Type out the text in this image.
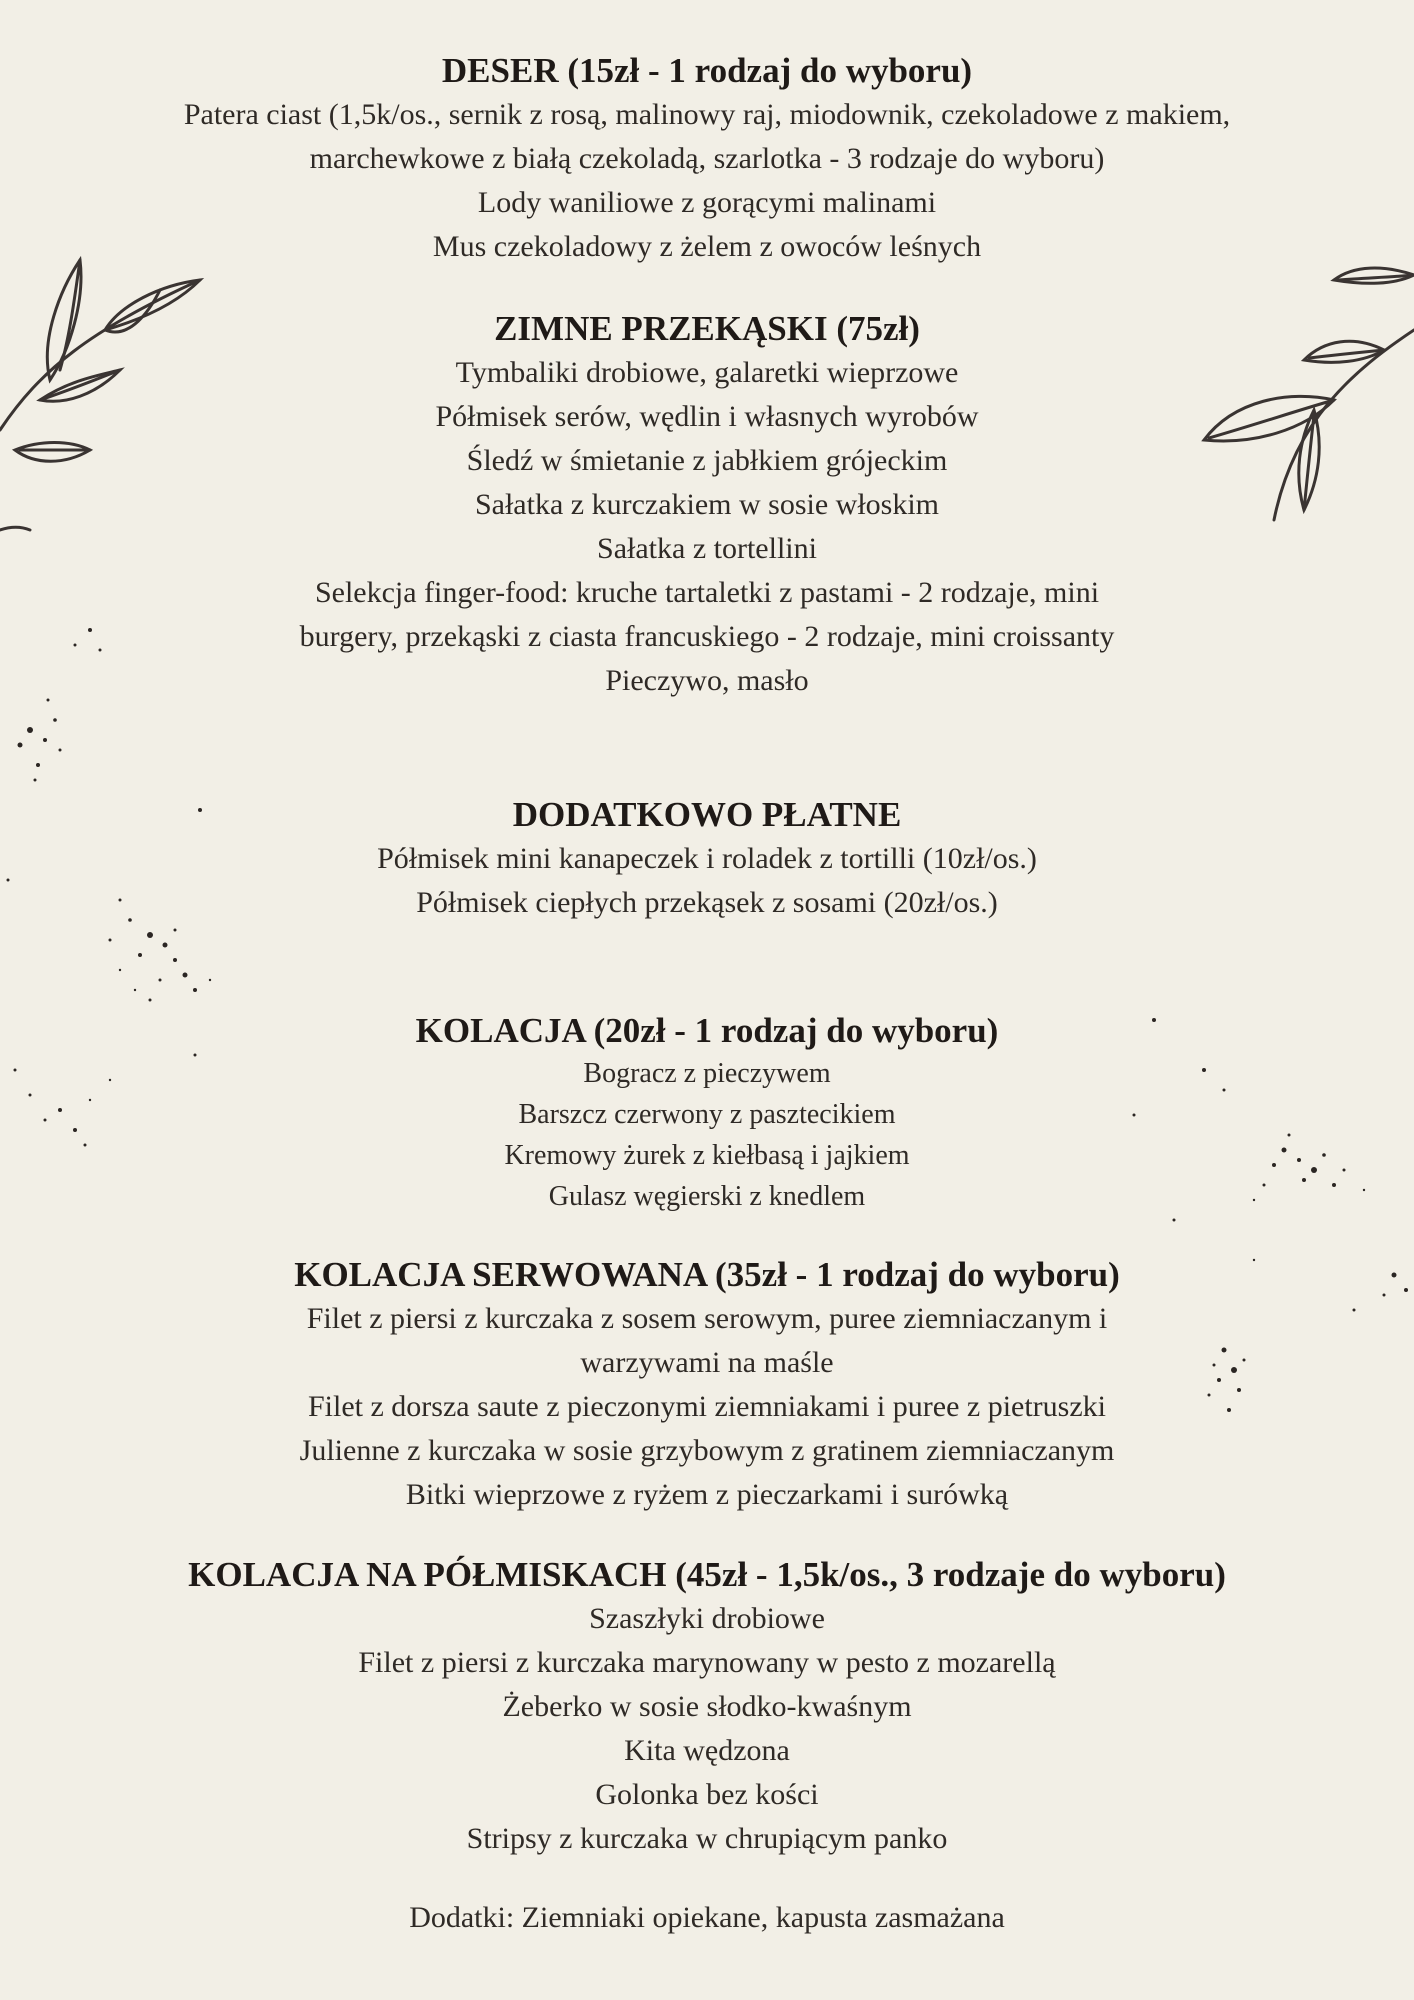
DESER (15zł - 1 rodzaj do wyboru)

Patera ciast (1,5k/os., sernik z rosą, malinowy raj, miodownik, czekoladowe z makiem,

marchewkowe z białą czekoladą, szarlotka - 3 rodzaje do wyboru)

Lody waniliowe z gorącymi malinami

Mus czekoladowy z żelem z owoców leśnych

ZIMNE PRZEKĄSKI (75zł)

Tymbaliki drobiowe, galaretki wieprzowe

Półmisek serów, wędlin i własnych wyrobów

Śledź w śmietanie z jabłkiem grójeckim

Sałatka z kurczakiem w sosie włoskim

Sałatka z tortellini

Selekcja finger-food: kruche tartaletki z pastami - 2 rodzaje, mini

burgery, przekąski z ciasta francuskiego - 2 rodzaje, mini croissanty

Pieczywo, masło

DODATKOWO PŁATNE

Półmisek mini kanapeczek i roladek z tortilli (10zł/os.)

Półmisek ciepłych przekąsek z sosami (20zł/os.)

KOLACJA (20zł - 1 rodzaj do wyboru)

Bogracz z pieczywem

Barszcz czerwony z pasztecikiem

Kremowy żurek z kiełbasą i jajkiem

Gulasz węgierski z knedlem

KOLACJA SERWOWANA (35zł - 1 rodzaj do wyboru)

Filet z piersi z kurczaka z sosem serowym, puree ziemniaczanym i

warzywami na maśle

Filet z dorsza saute z pieczonymi ziemniakami i puree z pietruszki

Julienne z kurczaka w sosie grzybowym z gratinem ziemniaczanym

Bitki wieprzowe z ryżem z pieczarkami i surówką

KOLACJA NA PÓŁMISKACH (45zł - 1,5k/os., 3 rodzaje do wyboru)

Szaszłyki drobiowe

Filet z piersi z kurczaka marynowany w pesto z mozarellą

Żeberko w sosie słodko-kwaśnym

Kita wędzona

Golonka bez kości

Stripsy z kurczaka w chrupiącym panko

Dodatki: Ziemniaki opiekane, kapusta zasmażana
